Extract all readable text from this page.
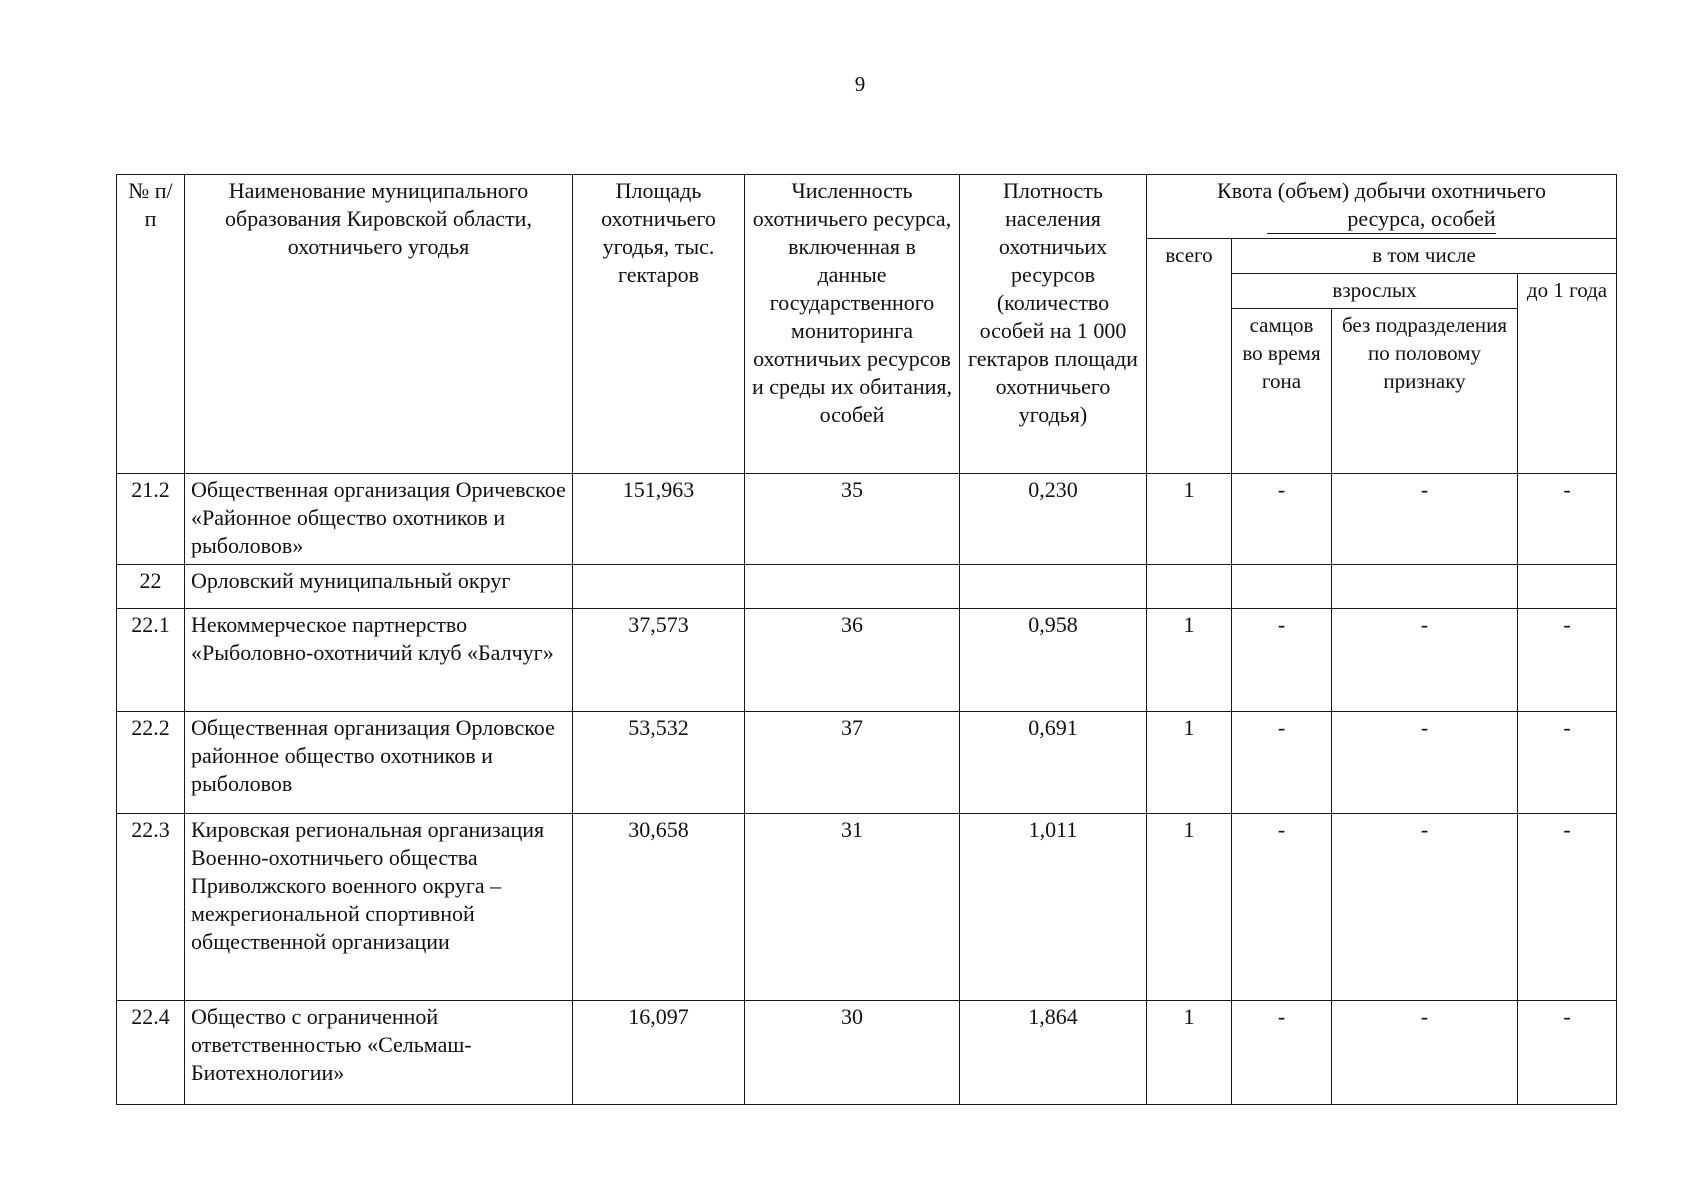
9
№ п/п	Наименование муниципального образования Кировской области, охотничьего угодья	Площадь охотничьего угодья, тыс. гектаров	Численность охотничьего ресурса, включенная в данные государственного мониторинга охотничьих ресурсов и среды их обитания, особей	Плотность населения охотничьих ресурсов (количество особей на 1 000 гектаров площади охотничьего угодья)	Квота (объем) добычи охотничьего
ресурса, особей			

					всего	в том числе		
						взрослых		до 1 года
						самцов во время гона	без подразделения по половому признаку	
21.2	Общественная организация Оричевское «Районное общество охотников и рыболовов»	151,963	35	0,230	1	-	-	-
22	Орловский муниципальный округ							
22.1	Некоммерческое партнерство «Рыболовно-охотничий клуб «Балчуг»	37,573	36	0,958	1	-	-	-
22.2	Общественная организация Орловское районное общество охотников и рыболовов	53,532	37	0,691	1	-	-	-
22.3	Кировская региональная организация Военно-охотничьего общества Приволжского военного округа – межрегиональной спортивной общественной организации	30,658	31	1,011	1	-	-	-
22.4	Общество с ограниченной ответственностью «Сельмаш-Биотехнологии»	16,097	30	1,864	1	-	-	-
